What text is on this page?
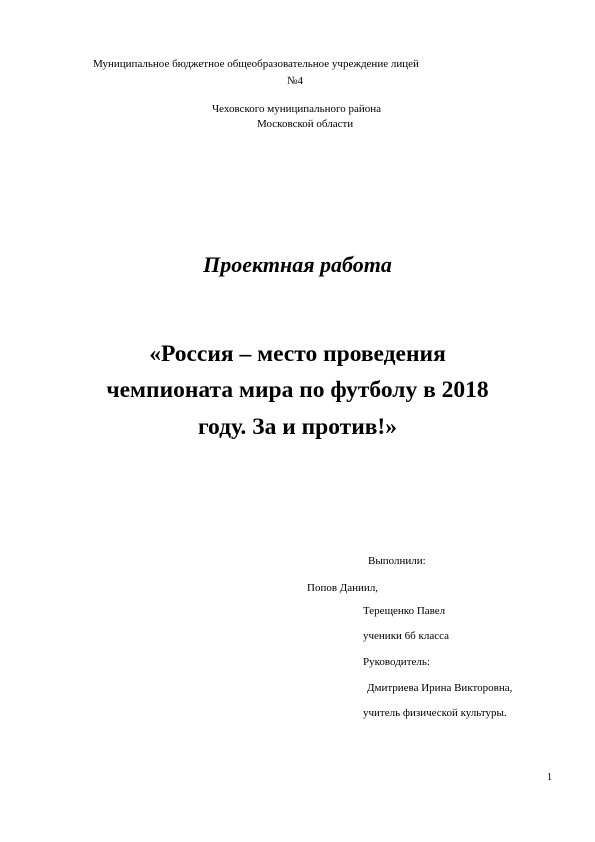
Муниципальное бюджетное общеобразовательное учреждение лицей
№4
Чеховского муниципального района
Московской области
Проектная работа
«Россия – место проведения
чемпионата мира по футболу в 2018
году. За и против!»
Выполнили:
Попов Даниил,
Терещенко Павел
ученики 6б класса
Руководитель:
Дмитриева Ирина Викторовна,
учитель физической культуры.
1
